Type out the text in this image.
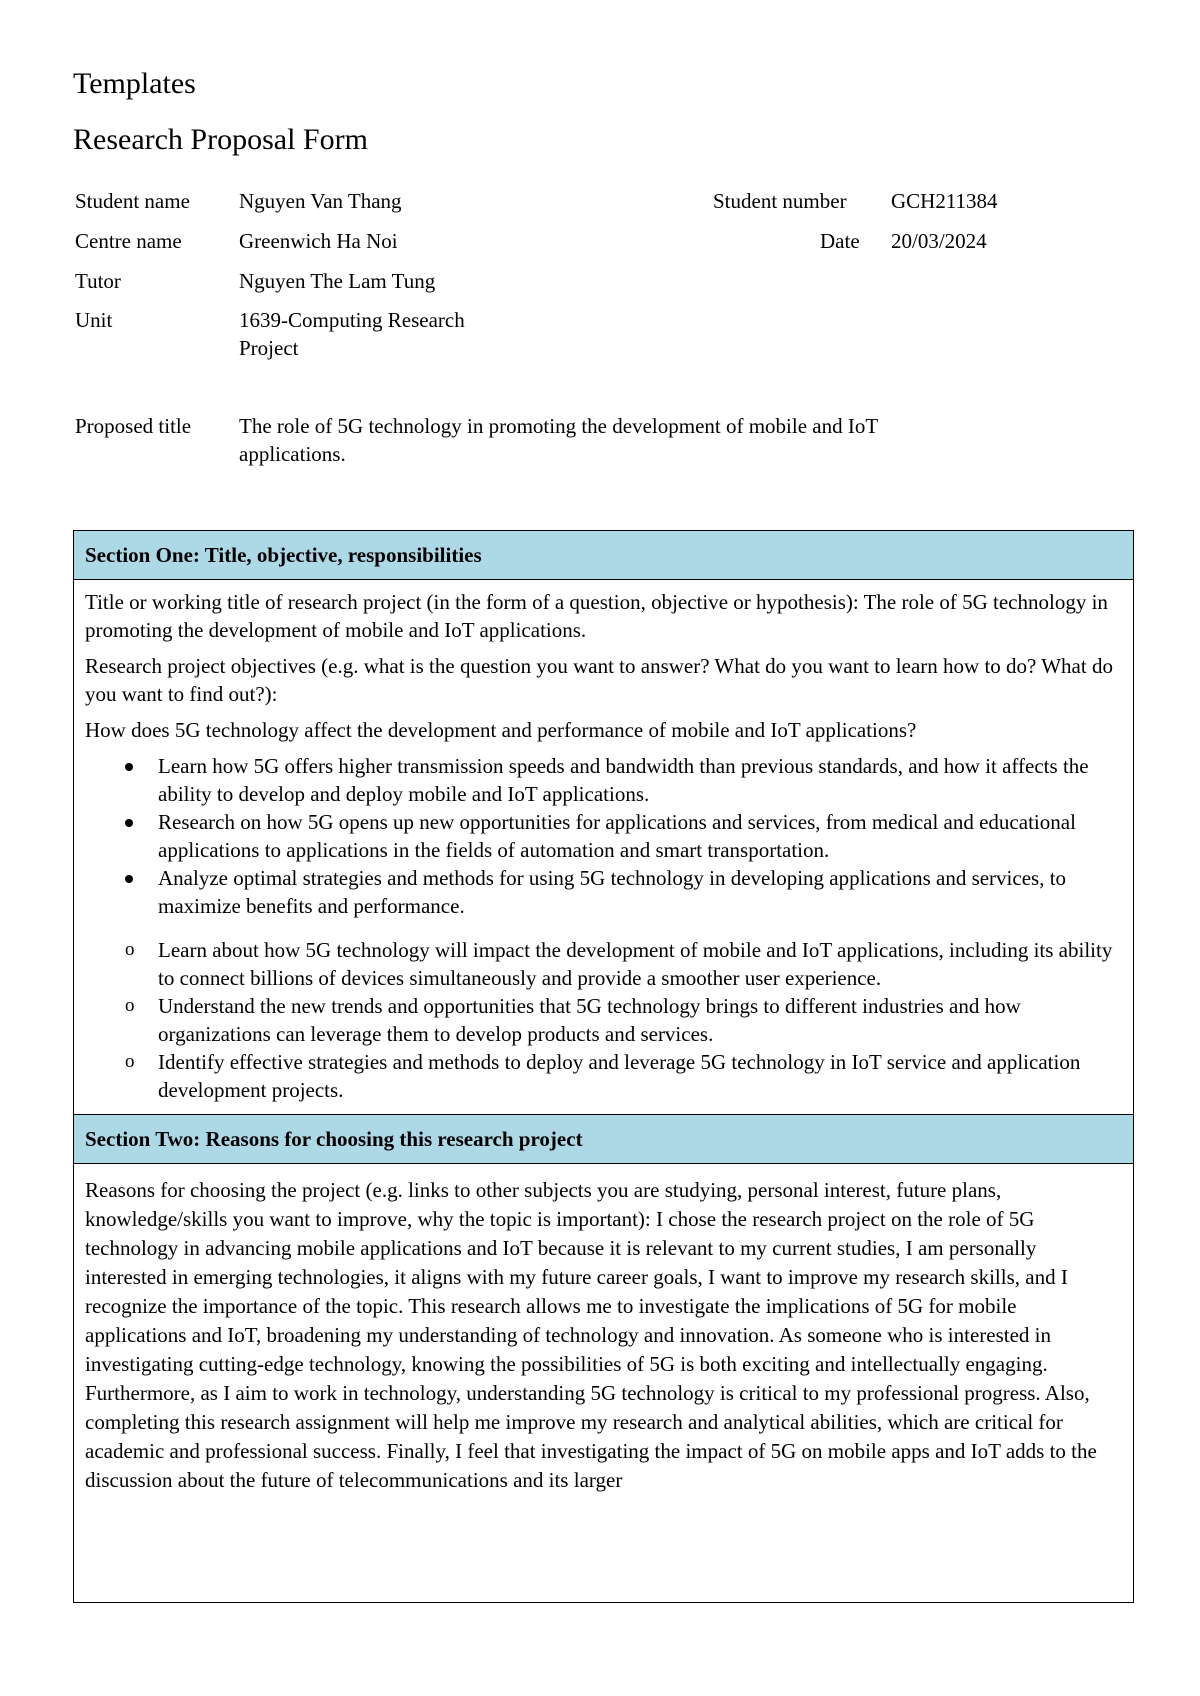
Templates
Research Proposal Form
Student name Nguyen Van Thang	Student number GCH211384
Centre name	Greenwich Ha Noi	Date 20/03/2024
Tutor	Nguyen The Lam Tung
Unit	1639-Computing Research
Project
Proposed title The role of 5G technology in promoting the development of mobile and IoT
applications.
Section One: Title, objective, responsibilities

Title or working title of research project (in the form of a question, objective or hypothesis): The role of 5G technology in promoting the development of mobile and IoT applications.

Research project objectives (e.g. what is the question you want to answer? What do you want to learn how to do? What do you want to find out?):

How does 5G technology affect the development and performance of mobile and IoT applications?

Learn how 5G offers higher transmission speeds and bandwidth than previous standards, and how it affects the ability to develop and deploy mobile and IoT applications.
Research on how 5G opens up new opportunities for applications and services, from medical and educational applications to applications in the fields of automation and smart transportation.
Analyze optimal strategies and methods for using 5G technology in developing applications and services, to maximize benefits and performance.
o Learn about how 5G technology will impact the development of mobile and IoT applications, including its ability to connect billions of devices simultaneously and provide a smoother user experience.
o Understand the new trends and opportunities that 5G technology brings to different industries and how organizations can leverage them to develop products and services.
o Identify effective strategies and methods to deploy and leverage 5G technology in IoT service and application development projects.
Section Two: Reasons for choosing this research project
Reasons for choosing the project (e.g. links to other subjects you are studying, personal interest, future plans, knowledge/skills you want to improve, why the topic is important): I chose the research project on the role of 5G technology in advancing mobile applications and IoT because it is relevant to my current studies, I am personally interested in emerging technologies, it aligns with my future career goals, I want to improve my research skills, and I recognize the importance of the topic. This research allows me to investigate the implications of 5G for mobile applications and IoT, broadening my understanding of technology and innovation. As someone who is interested in investigating cutting-edge technology, knowing the possibilities of 5G is both exciting and intellectually engaging. Furthermore, as I aim to work in technology, understanding 5G technology is critical to my professional progress. Also, completing this research assignment will help me improve my research and analytical abilities, which are critical for academic and professional success. Finally, I feel that investigating the impact of 5G on mobile apps and IoT adds to the discussion about the future of telecommunications and its larger
